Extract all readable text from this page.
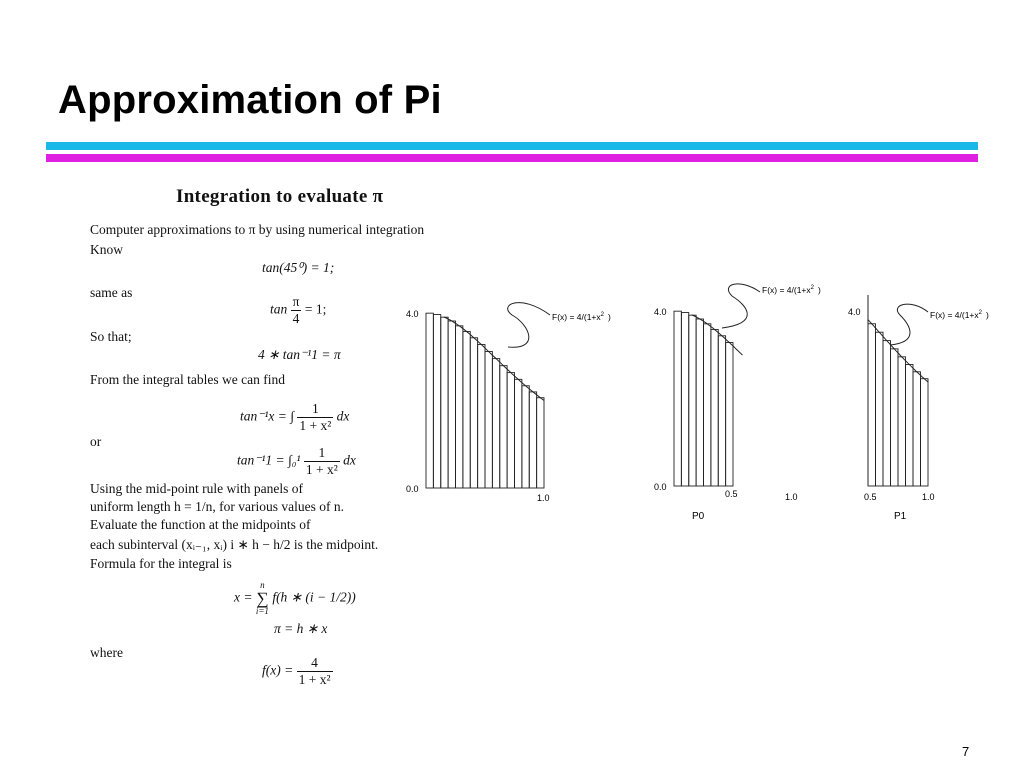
Approximation of Pi
Integration to evaluate π
Computer approximations to π by using numerical integration
Know
tan(45⁰) = 1;
same as
$\tan \frac{\pi}{4} = 1$;
So that;
4 ∗ tan⁻¹1 = π
From the integral tables we can find
tan⁻¹x = ∫ $\frac{1}{\text{1 + x²}}$ dx
or
$\tan^{-1}1 = \int_0^1 \frac{1}{\text{1 + x²}}$ dx
Using the mid-point rule with panels of
uniform length h = 1/n, for various values of n.
Evaluate the function at the midpoints of
each subinterval (xᵢ₋₁, xᵢ) i ∗ h − h/2 is the midpoint.
Formula for the integral is
x =
n
∑
i=1
f(h ∗ (i − 1/2))
π = h ∗ x
where
$f(x) = \frac{4}{\text{1 + x²}}$
4.0
0.0
1.0
$F(x) = 4/(1+x^2$ )	4.0
0.0
0.5	1.0
P0
$F(x) = 4/(1+x^2$ )
4.0
0.5	1.0
P1
$F(x) = 4/(1+x^2$ )
7
